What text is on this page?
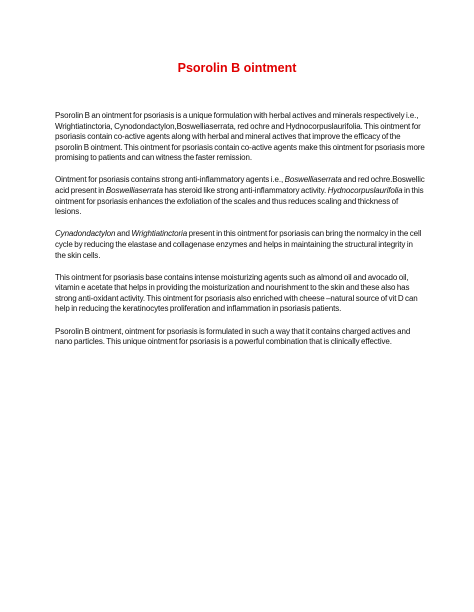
Psorolin B ointment

Psorolin B an ointment for psoriasis is a unique formulation with herbal actives and minerals respectively i.e., Wrightiatinctoria, Cynodondactylon,Boswelliaserrata, red ochre and Hydnocorpuslaurifolia. This ointment for psoriasis contain co-active agents along with herbal and mineral actives that improve the efficacy of the psorolin B ointment. This ointment for psoriasis contain co-active agents make this ointment for psoriasis more promising to patients and can witness the faster remission.

Ointment for psoriasis contains strong anti-inflammatory agents i.e., Boswelliaserrata and red ochre.Boswellic acid present in Boswelliaserrata has steroid like strong anti-inflammatory activity. Hydnocorpuslaurifolia in this ointment for psoriasis enhances the exfoliation of the scales and thus reduces scaling and thickness of lesions.

Cynadondactylon and Wrightiatinctoria present in this ointment for psoriasis can bring the normalcy in the cell cycle by reducing the elastase and collagenase enzymes and helps in maintaining the structural integrity in the skin cells.

This ointment for psoriasis base contains intense moisturizing agents such as almond oil and avocado oil, vitamin e acetate that helps in providing the moisturization and nourishment to the skin and these also has strong anti-oxidant activity. This ointment for psoriasis also enriched with cheese –natural source of vit D can help in reducing the keratinocytes proliferation and inflammation in psoriasis patients.

Psorolin B ointment, ointment for psoriasis is formulated in such a way that it contains charged actives and nano particles. This unique ointment for psoriasis is a powerful combination that is clinically effective.
